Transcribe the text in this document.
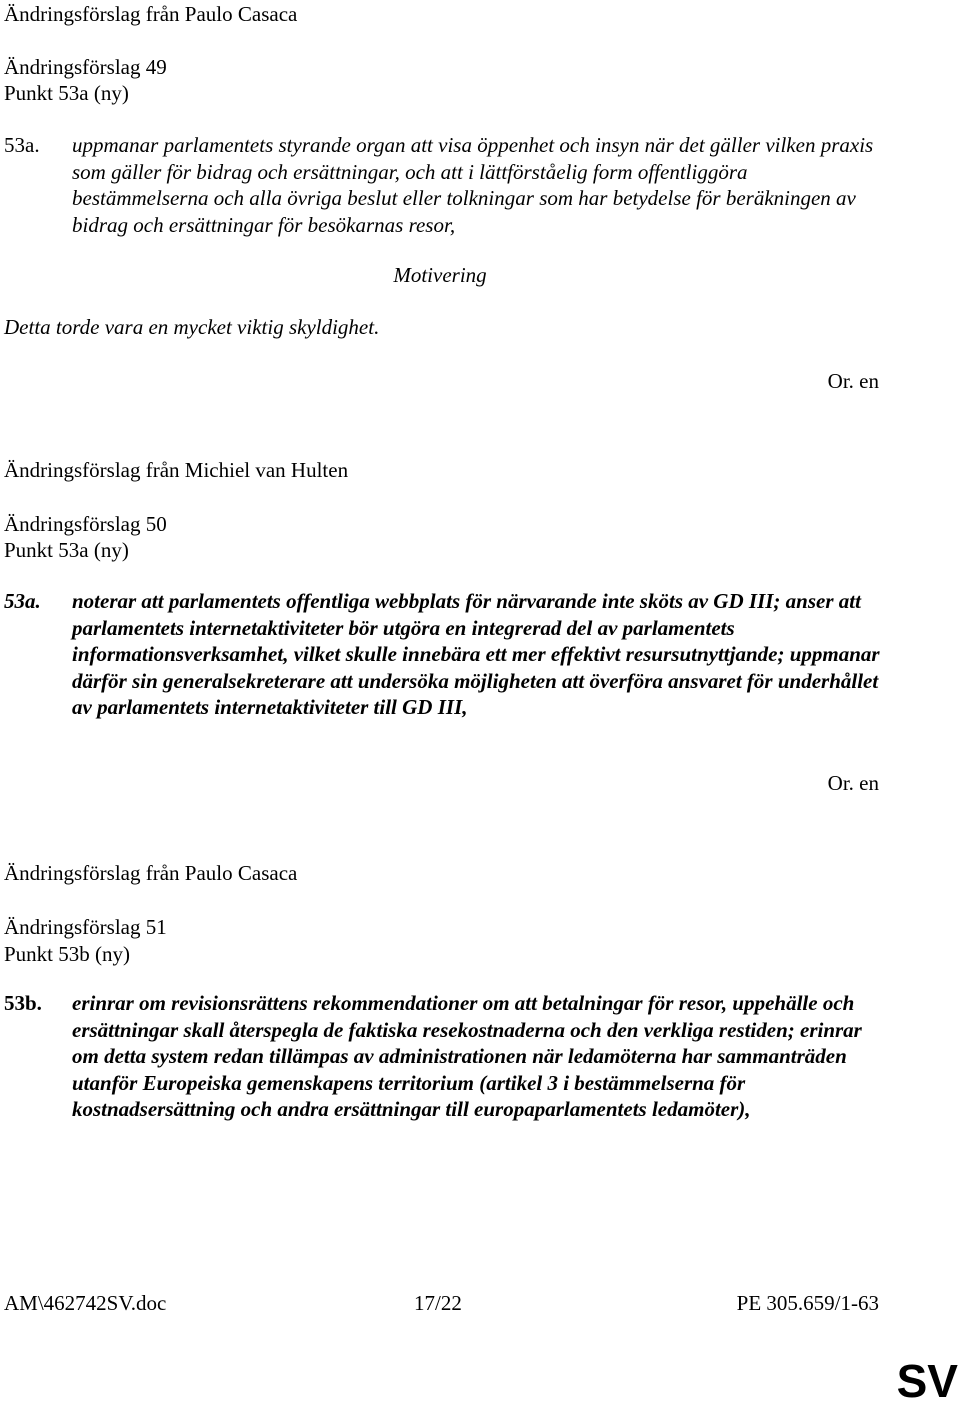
Ändringsförslag från Paulo Casaca
Ändringsförslag 49
Punkt 53a (ny)
53a. uppmanar parlamentets styrande organ att visa öppenhet och insyn när det gäller vilken praxis som gäller för bidrag och ersättningar, och att i lättförståelig form offentliggöra bestämmelserna och alla övriga beslut eller tolkningar som har betydelse för beräkningen av bidrag och ersättningar för besökarnas resor,
Motivering
Detta torde vara en mycket viktig skyldighet.
Or. en
Ändringsförslag från Michiel van Hulten
Ändringsförslag 50
Punkt 53a (ny)
53a. noterar att parlamentets offentliga webbplats för närvarande inte sköts av GD III; anser att parlamentets internetaktiviteter bör utgöra en integrerad del av parlamentets informationsverksamhet, vilket skulle innebära ett mer effektivt resursutnyttjande; uppmanar därför sin generalsekreterare att undersöka möjligheten att överföra ansvaret för underhållet av parlamentets internetaktiviteter till GD III,
Or. en
Ändringsförslag från Paulo Casaca
Ändringsförslag 51
Punkt 53b (ny)
53b. erinrar om revisionsrättens rekommendationer om att betalningar för resor, uppehälle och ersättningar skall återspegla de faktiska resekostnaderna och den verkliga restiden; erinrar om detta system redan tillämpas av administrationen när ledamöterna har sammanträden utanför Europeiska gemenskapens territorium (artikel 3 i bestämmelserna för kostnadsersättning och andra ersättningar till europaparlamentets ledamöter),
AM\462742SV.doc	17/22	PE 305.659/1-63
SV
